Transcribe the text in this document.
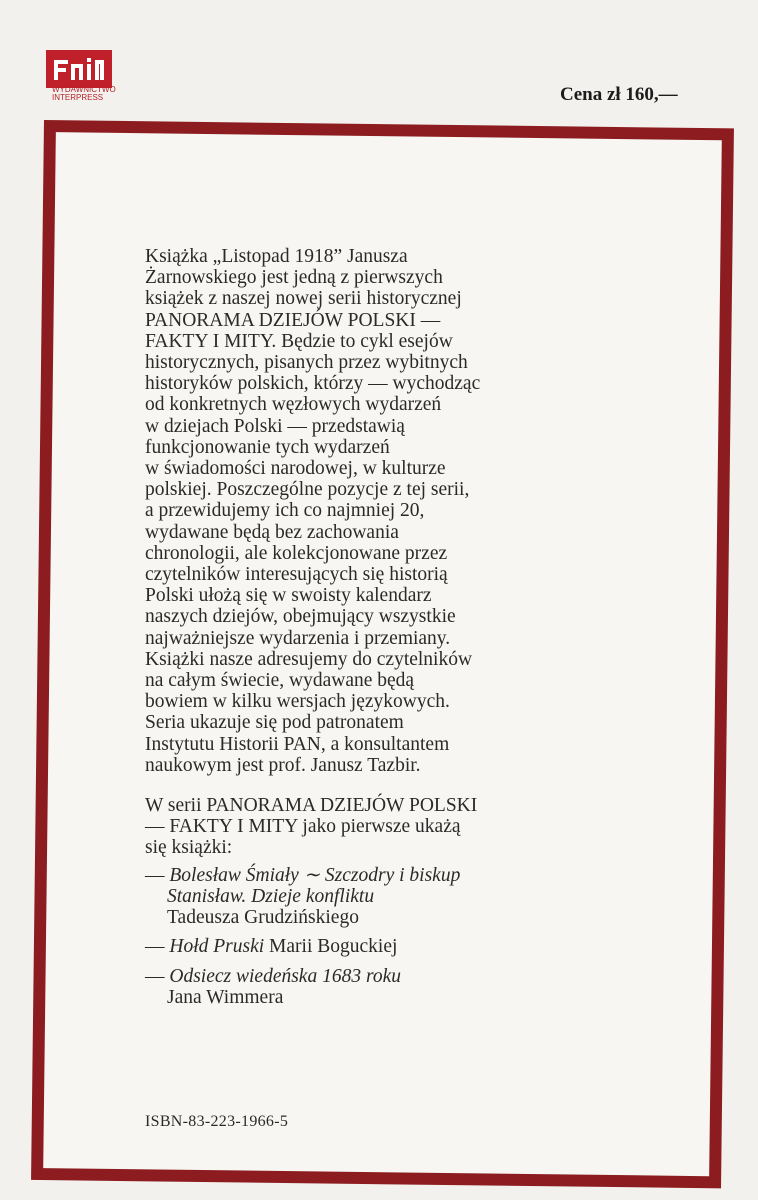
WYDAWNICTWO
INTERPRESS	Cena zł 160,—
Książka „Listopad 1918” Janusza
Żarnowskiego jest jedną z pierwszych
książek z naszej nowej serii historycznej
PANORAMA DZIEJÓW POLSKI —
FAKTY I MITY. Będzie to cykl esejów
historycznych, pisanych przez wybitnych
historyków polskich, którzy — wychodząc
od konkretnych węzłowych wydarzeń
w dziejach Polski — przedstawią
funkcjonowanie tych wydarzeń
w świadomości narodowej, w kulturze
polskiej. Poszczególne pozycje z tej serii,
a przewidujemy ich co najmniej 20,
wydawane będą bez zachowania
chronologii, ale kolekcjonowane przez
czytelników interesujących się historią
Polski ułożą się w swoisty kalendarz
naszych dziejów, obejmujący wszystkie
najważniejsze wydarzenia i przemiany.
Książki nasze adresujemy do czytelników
na całym świecie, wydawane będą
bowiem w kilku wersjach językowych.
Seria ukazuje się pod patronatem
Instytutu Historii PAN, a konsultantem
naukowym jest prof. Janusz Tazbir.
W serii PANORAMA DZIEJÓW POLSKI
— FAKTY I MITY jako pierwsze ukażą
się książki:
— Bolesław Śmiały ∼ Szczodry i biskup
Stanisław. Dzieje konfliktu
Tadeusza Grudzińskiego
— Hołd Pruski Marii Boguckiej
— Odsiecz wiedeńska 1683 roku
Jana Wimmera
ISBN-83-223-1966-5
